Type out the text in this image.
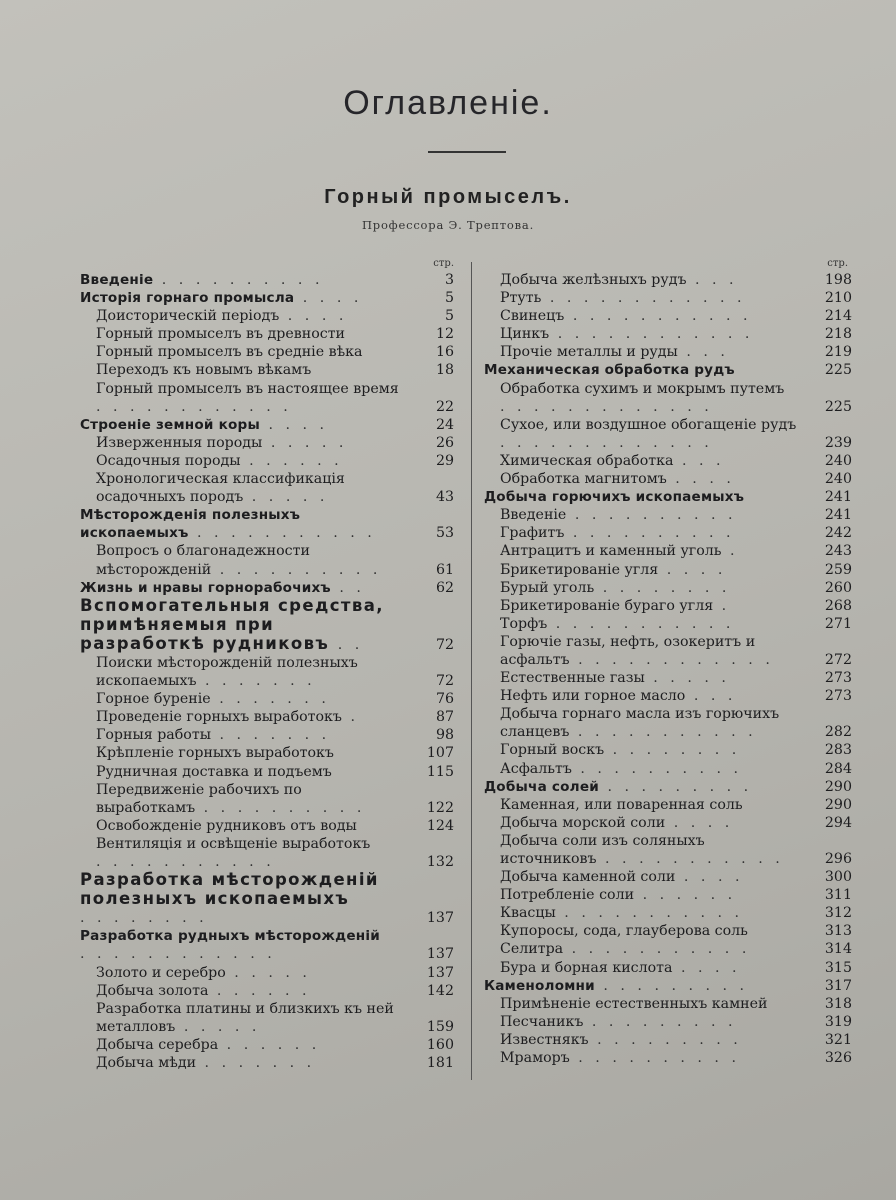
Оглавленіе.
Горный промыселъ.
Профессора Э. Трептова.
стр.
Введеніе . . . . . . . . . .	3
Исторія горнаго промысла . . . .	5
Доисторическій періодъ . . . .	5
Горный промыселъ въ древности	12
Горный промыселъ въ средніе вѣка	16
Переходъ къ новымъ вѣкамъ	18
Горный промыселъ въ настоящее время . . . . . . . . . . . .	22
Строеніе земной коры . . . .	24
Изверженныя породы . . . . .	26
Осадочныя породы . . . . . .	29
Хронологическая классификація осадочныхъ породъ . . . . .	43
Мѣсторожденія полезныхъ ископаемыхъ . . . . . . . . . . .	53
Вопросъ о благонадежности мѣсторожденій . . . . . . . . . .	61
Жизнь и нравы горнорабочихъ . .	62
Вспомогательныя средства, примѣняемыя при разработкѣ рудниковъ . .	72
Поиски мѣсторожденій полезныхъ ископаемыхъ . . . . . . .	72
Горное буреніе . . . . . . .	76
Проведеніе горныхъ выработокъ .	87
Горныя работы . . . . . . .	98
Крѣпленіе горныхъ выработокъ	107
Рудничная доставка и подъемъ	115
Передвиженіе рабочихъ по выработкамъ . . . . . . . . . .	122
Освобожденіе рудниковъ отъ воды	124
Вентиляція и освѣщеніе выработокъ . . . . . . . . . . .	132
Разработка мѣсторожденій полезныхъ ископаемыхъ . . . . . . . .	137
Разработка рудныхъ мѣсторожденій . . . . . . . . . . . .	137
Золото и серебро . . . . .	137
Добыча золота . . . . . .	142
Разработка платины и близкихъ къ ней металловъ . . . . .	159
Добыча серебра . . . . . .	160
Добыча мѣди . . . . . . .	181
стр.
Добыча желѣзныхъ рудъ . . .	198
Ртуть . . . . . . . . . . . .	210
Свинецъ . . . . . . . . . . .	214
Цинкъ . . . . . . . . . . . .	218
Прочіе металлы и руды . . .	219
Механическая обработка рудъ	225
Обработка сухимъ и мокрымъ путемъ . . . . . . . . . . . . .	225
Сухое, или воздушное обогащеніе рудъ . . . . . . . . . . . . .	239
Химическая обработка . . .	240
Обработка магнитомъ . . . .	240
Добыча горючихъ ископаемыхъ	241
Введеніе . . . . . . . . . .	241
Графитъ . . . . . . . . . .	242
Антрацитъ и каменный уголь .	243
Брикетированіе угля . . . .	259
Бурый уголь . . . . . . . .	260
Брикетированіе бураго угля .	268
Торфъ . . . . . . . . . . .	271
Горючіе газы, нефть, озокеритъ и асфальтъ . . . . . . . . . . . .	272
Естественные газы . . . . .	273
Нефть или горное масло . . .	273
Добыча горнаго масла изъ горючихъ сланцевъ . . . . . . . . . . .	282
Горный воскъ . . . . . . . .	283
Асфальтъ . . . . . . . . . .	284
Добыча солей . . . . . . . . .	290
Каменная, или поваренная соль	290
Добыча морской соли . . . .	294
Добыча соли изъ соляныхъ источниковъ . . . . . . . . . . .	296
Добыча каменной соли . . . .	300
Потребленіе соли . . . . . .	311
Квасцы . . . . . . . . . . .	312
Купоросы, сода, глауберова соль	313
Селитра . . . . . . . . . . .	314
Бура и борная кислота . . . .	315
Каменоломни . . . . . . . . .	317
Примѣненіе естественныхъ камней	318
Песчаникъ . . . . . . . . .	319
Известнякъ . . . . . . . . .	321
Мраморъ . . . . . . . . . .	326
